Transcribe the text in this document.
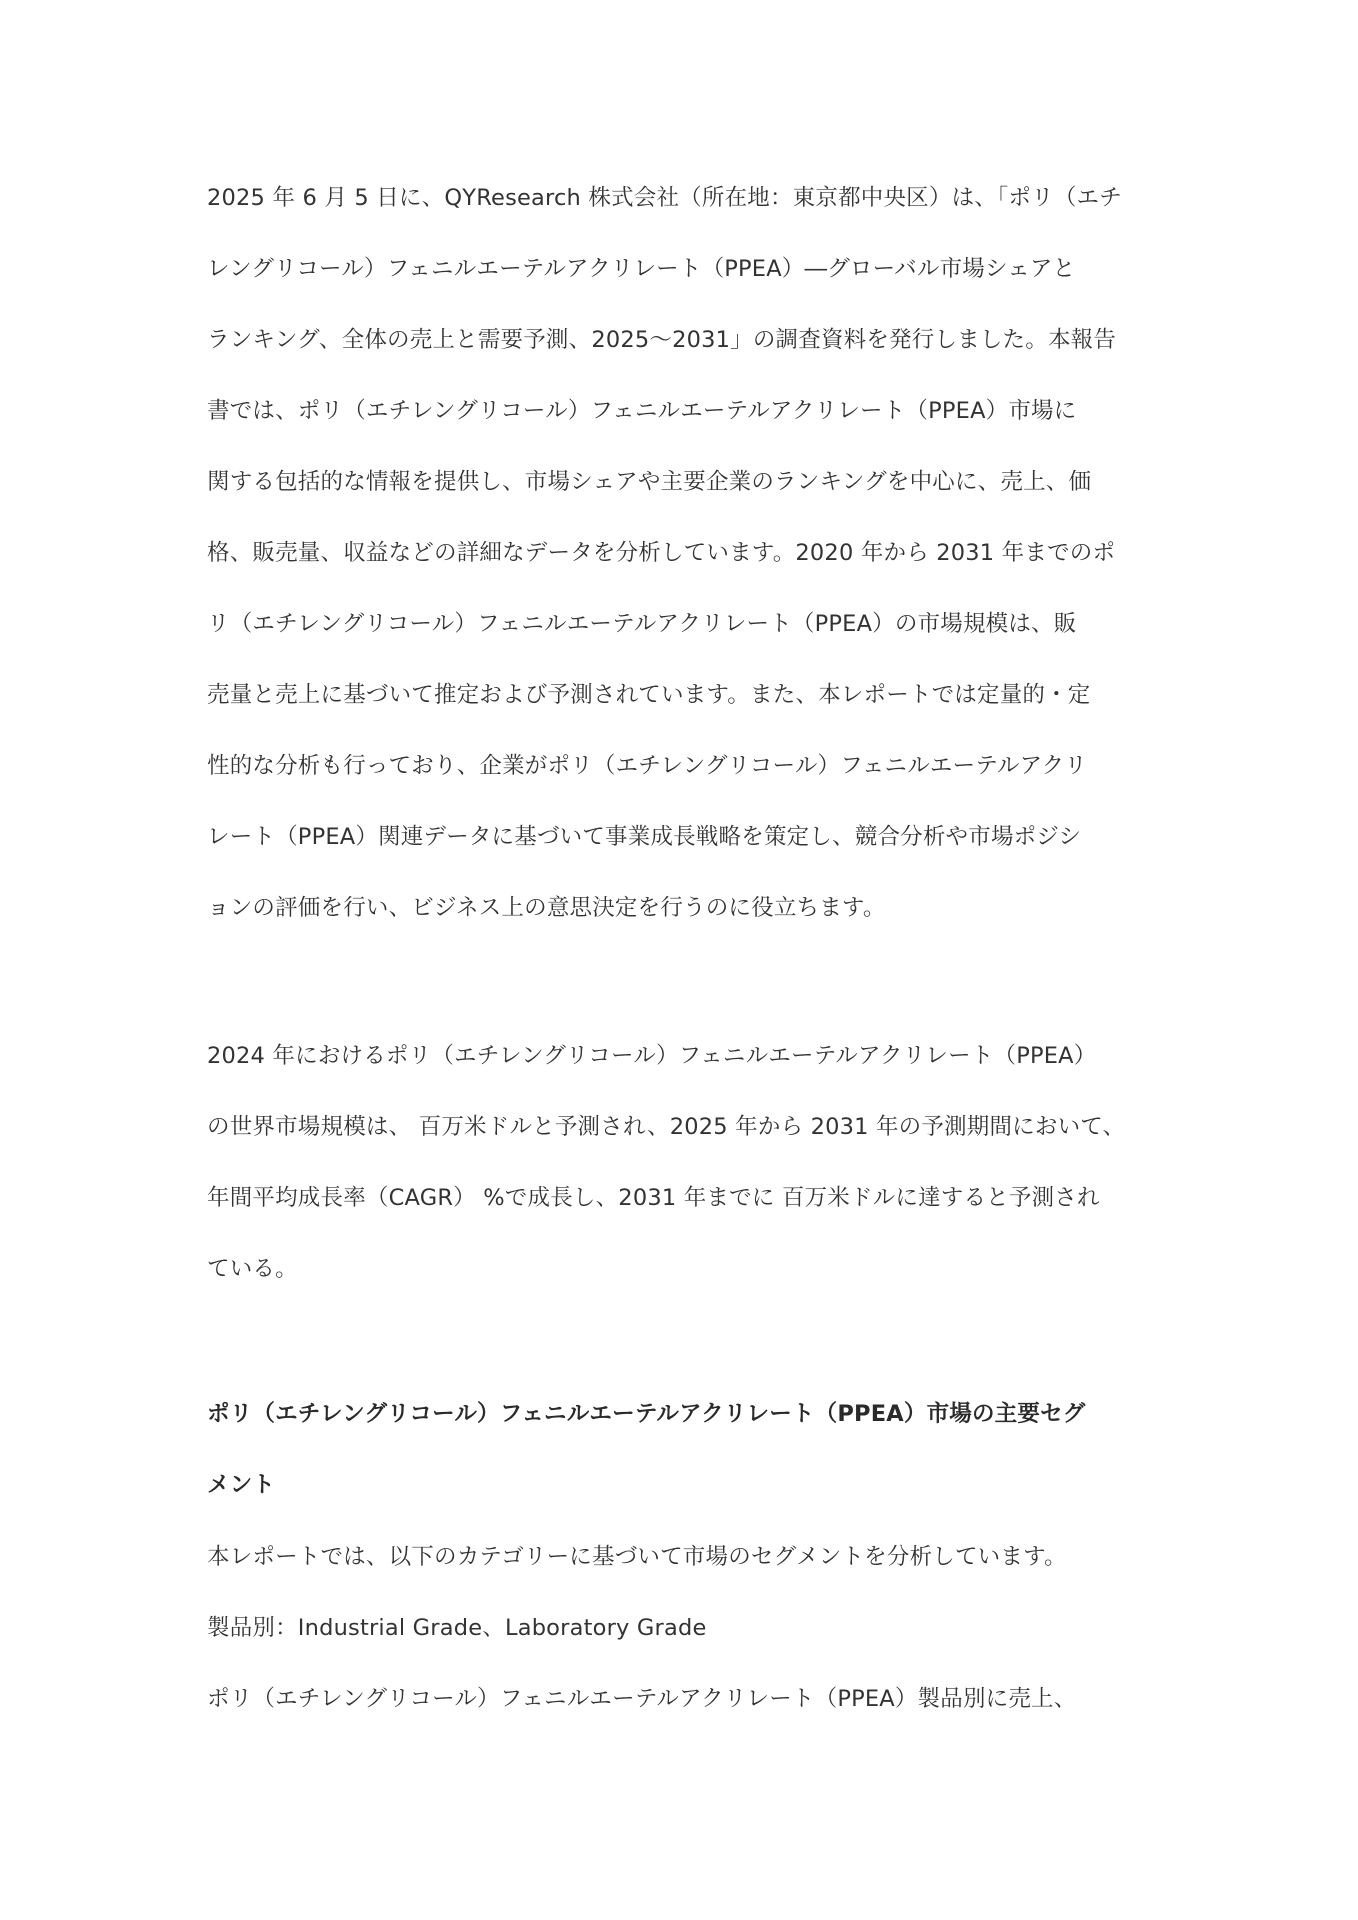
2025 年 6 月 5 日に、QYResearch 株式会社（所在地：東京都中央区）は、「ポリ（エチ
レングリコール）フェニルエーテルアクリレート（PPEA）―グローバル市場シェアと
ランキング、全体の売上と需要予測、2025～2031」の調査資料を発行しました。本報告
書では、ポリ（エチレングリコール）フェニルエーテルアクリレート（PPEA）市場に
関する包括的な情報を提供し、市場シェアや主要企業のランキングを中心に、売上、価
格、販売量、収益などの詳細なデータを分析しています。2020 年から 2031 年までのポ
リ（エチレングリコール）フェニルエーテルアクリレート（PPEA）の市場規模は、販
売量と売上に基づいて推定および予測されています。また、本レポートでは定量的・定
性的な分析も行っており、企業がポリ（エチレングリコール）フェニルエーテルアクリ
レート（PPEA）関連データに基づいて事業成長戦略を策定し、競合分析や市場ポジシ
ョンの評価を行い、ビジネス上の意思決定を行うのに役立ちます。
2024 年におけるポリ（エチレングリコール）フェニルエーテルアクリレート（PPEA）
の世界市場規模は、 百万米ドルと予測され、2025 年から 2031 年の予測期間において、
年間平均成長率（CAGR） %で成長し、2031 年までに 百万米ドルに達すると予測され
ている。
ポリ（エチレングリコール）フェニルエーテルアクリレート（PPEA）市場の主要セグ
メント
本レポートでは、以下のカテゴリーに基づいて市場のセグメントを分析しています。
製品別：Industrial Grade、Laboratory Grade
ポリ（エチレングリコール）フェニルエーテルアクリレート（PPEA）製品別に売上、
